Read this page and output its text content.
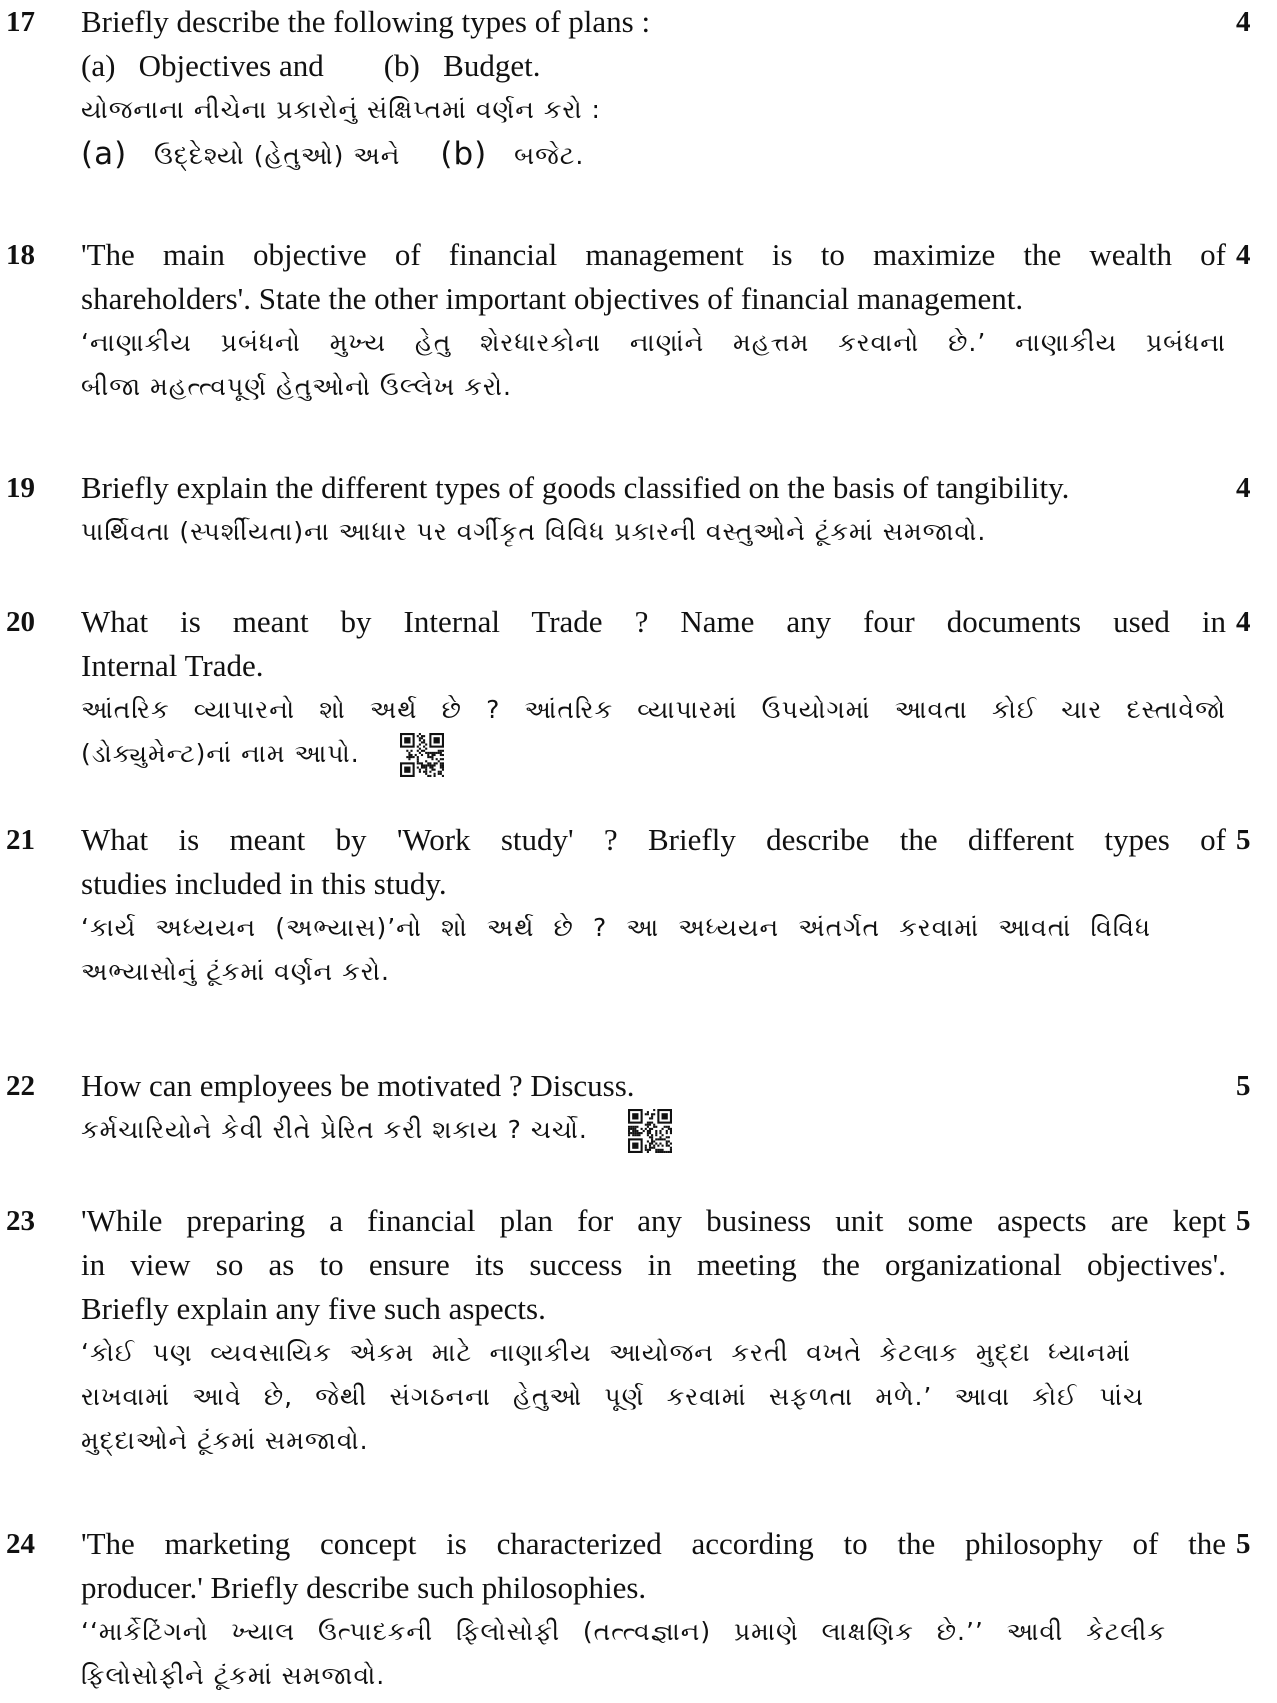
17	4
Briefly describe the following types of plans :
(a) Objectives and (b) Budget.
યોજનાના નીચેના પ્રકારોનું સંક્ષિપ્તમાં વર્ણન કરો :
(a) ઉદ્દેશ્યો (હેતુઓ) અને (b) બજેટ.
18	4
'The main objective of financial management is to maximize the wealth of
shareholders'. State the other important objectives of financial management.
‘નાણાકીય પ્રબંધનો મુખ્ય હેતુ શેરધારકોના નાણાંને મહત્તમ કરવાનો છે.’ નાણાકીય પ્રબંધના
બીજા મહત્ત્વપૂર્ણ હેતુઓનો ઉલ્લેખ કરો.
19	4
Briefly explain the different types of goods classified on the basis of tangibility.
પાર્થિવતા (સ્પર્શીયતા)ના આધાર પર વર્ગીકૃત વિવિધ પ્રકારની વસ્તુઓને ટૂંકમાં સમજાવો.
20	4
What is meant by Internal Trade ? Name any four documents used in
Internal Trade.
આંતરિક વ્યાપારનો શો અર્થ છે ? આંતરિક વ્યાપારમાં ઉપયોગમાં આવતા કોઈ ચાર દસ્તાવેજો
(ડોક્યુમેન્ટ)નાં નામ આપો.
21	5
What is meant by 'Work study' ? Briefly describe the different types of
studies included in this study.
‘કાર્ય અધ્યયન (અભ્યાસ)’નો શો અર્થ છે ? આ અધ્યયન અંતર્ગત કરવામાં આવતાં વિવિધ
અભ્યાસોનું ટૂંકમાં વર્ણન કરો.
22	5
How can employees be motivated ? Discuss.
કર્મચારિયોને કેવી રીતે પ્રેરિત કરી શકાય ? ચર્ચો.
23	5
'While preparing a financial plan for any business unit some aspects are kept
in view so as to ensure its success in meeting the organizational objectives'.
Briefly explain any five such aspects.
‘કોઈ પણ વ્યવસાયિક એકમ માટે નાણાકીય આયોજન કરતી વખતે કેટલાક મુદ્દા ધ્યાનમાં
રાખવામાં આવે છે, જેથી સંગઠનના હેતુઓ પૂર્ણ કરવામાં સફળતા મળે.’ આવા કોઈ પાંચ
મુદ્દાઓને ટૂંકમાં સમજાવો.
24	5
'The marketing concept is characterized according to the philosophy of the
producer.' Briefly describe such philosophies.
‘‘માર્કેટિંગનો ખ્યાલ ઉત્પાદકની ફિલોસોફી (તત્ત્વજ્ઞાન) પ્રમાણે લાક્ષણિક છે.’’ આવી કેટલીક
ફિલોસોફીને ટૂંકમાં સમજાવો.
